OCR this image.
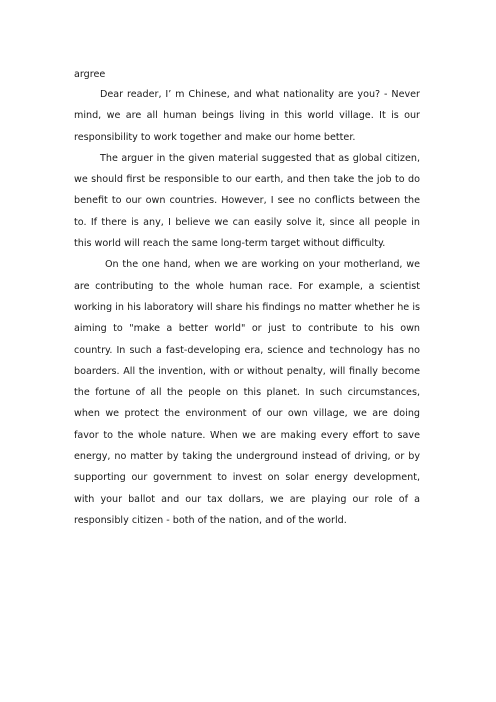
argree

Dear reader, I’ m Chinese, and what nationality are you? - Never mind, we are all human beings living in this world village. It is our responsibility to work together and make our home better.

The arguer in the given material suggested that as global citizen, we should first be responsible to our earth, and then take the job to do benefit to our own countries. However, I see no conflicts between the to. If there is any, I believe we can easily solve it, since all people in this world will reach the same long-term target without difficulty.

On the one hand, when we are working on your motherland, we are contributing to the whole human race. For example, a scientist working in his laboratory will share his findings no matter whether he is aiming to "make a better world" or just to contribute to his own country. In such a fast-developing era, science and technology has no boarders. All the invention, with or without penalty, will finally become the fortune of all the people on this planet. In such circumstances, when we protect the environment of our own village, we are doing favor to the whole nature. When we are making every effort to save energy, no matter by taking the underground instead of driving, or by supporting our government to invest on solar energy development, with your ballot and our tax dollars, we are playing our role of a responsibly citizen - both of the nation, and of the world.
